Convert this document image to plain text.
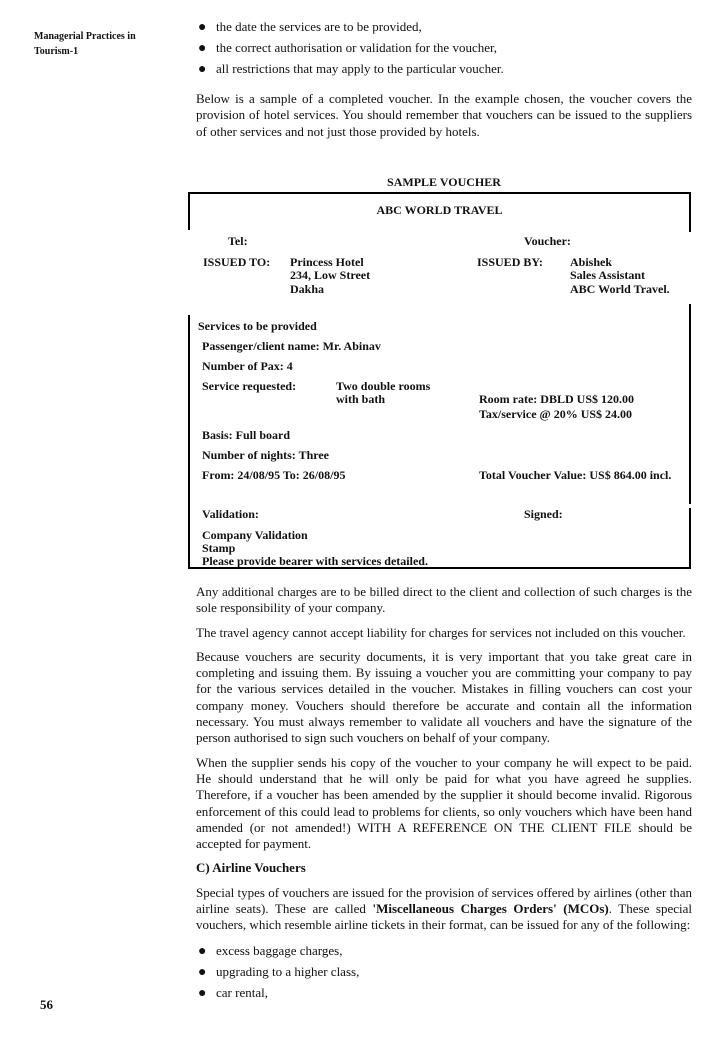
Managerial Practices in
Tourism-1
56
● the date the services are to be provided,
● the correct authorisation or validation for the voucher,
● all restrictions that may apply to the particular voucher.

Below is a sample of a completed voucher. In the example chosen, the voucher covers the provision of hotel services. You should remember that vouchers can be issued to the suppliers of other services and not just those provided by hotels.

SAMPLE VOUCHER
ABC WORLD TRAVEL
Tel:	Voucher:
ISSUED TO: Princess Hotel
234, Low Street
Dakha
ISSUED BY: Abishek
Sales Assistant
ABC World Travel.
Services to be provided
Passenger/client name: Mr. Abinav
Number of Pax: 4
Service requested:	Two double rooms
with bath	Room rate: DBLD US$ 120.00
Tax/service @ 20% US$ 24.00
Basis: Full board
Number of nights: Three
From: 24/08/95 To: 26/08/95	Total Voucher Value: US$ 864.00 incl.
Validation:	Signed:
Company Validation
Stamp
Please provide bearer with services detailed.

Any additional charges are to be billed direct to the client and collection of such charges is the sole responsibility of your company.

The travel agency cannot accept liability for charges for services not included on this voucher.

Because vouchers are security documents, it is very important that you take great care in completing and issuing them. By issuing a voucher you are committing your company to pay for the various services detailed in the voucher. Mistakes in filling vouchers can cost your company money. Vouchers should therefore be accurate and contain all the information necessary. You must always remember to validate all vouchers and have the signature of the person authorised to sign such vouchers on behalf of your company.

When the supplier sends his copy of the voucher to your company he will expect to be paid. He should understand that he will only be paid for what you have agreed he supplies. Therefore, if a voucher has been amended by the supplier it should become invalid. Rigorous enforcement of this could lead to problems for clients, so only vouchers which have been hand amended (or not amended!) WITH A REFERENCE ON THE CLIENT FILE should be accepted for payment.

C) Airline Vouchers

Special types of vouchers are issued for the provision of services offered by airlines (other than airline seats). These are called 'Miscellaneous Charges Orders' (MCOs). These special vouchers, which resemble airline tickets in their format, can be issued for any of the following:

● excess baggage charges,
● upgrading to a higher class,
● car rental,
